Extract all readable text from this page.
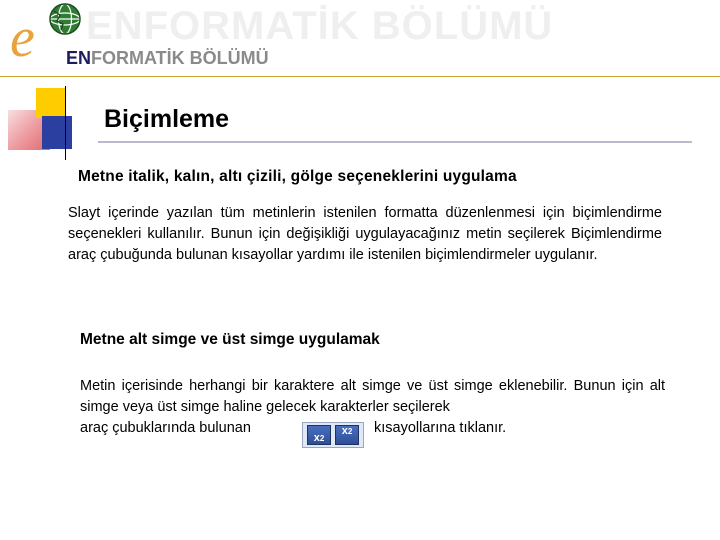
ENFORMATİK BÖLÜMÜ
e	ENFORMATİK BÖLÜMÜ
Biçimleme
Metne italik, kalın, altı çizili, gölge seçeneklerini uygulama
Slayt içerinde yazılan tüm metinlerin istenilen formatta düzenlenmesi için biçimlendirme seçenekleri kullanılır. Bunun için değişikliği uygulayacağınız metin seçilerek Biçimlendirme araç çubuğunda bulunan kısayollar yardımı ile istenilen biçimlendirmeler uygulanır.
Metne alt simge ve üst simge uygulamak
Metin içerisinde herhangi bir karaktere alt simge ve üst simge eklenebilir. Bunun için alt simge veya üst simge haline gelecek karakterler seçilerek
araç çubuklarında bulunan	kısayollarına tıklanır.
x 2
x 2
